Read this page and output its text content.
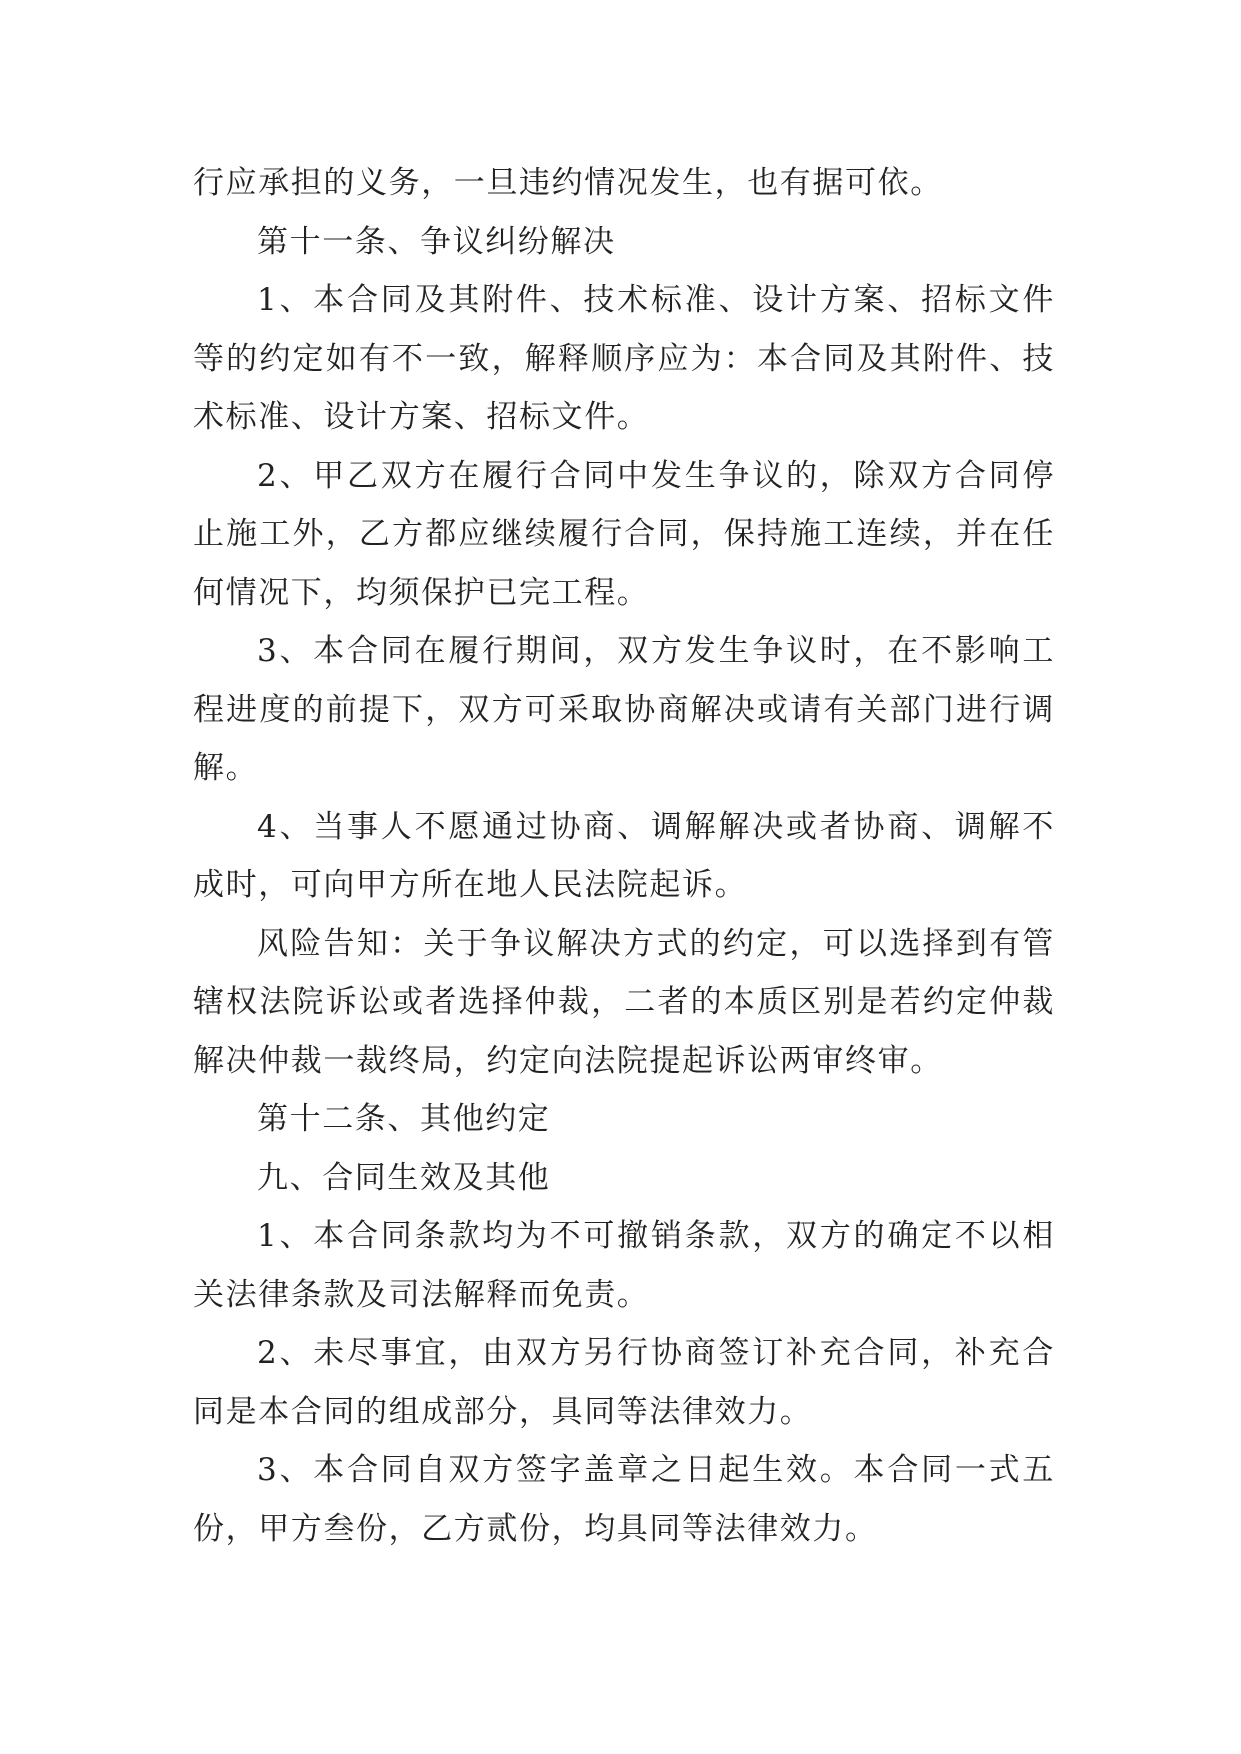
行应承担的义务，一旦违约情况发生，也有据可依。

第十一条、争议纠纷解决

1、本合同及其附件、技术标准、设计方案、招标文件等的约定如有不一致，解释顺序应为：本合同及其附件、技术标准、设计方案、招标文件。

2、甲乙双方在履行合同中发生争议的，除双方合同停止施工外，乙方都应继续履行合同，保持施工连续，并在任何情况下，均须保护已完工程。

3、本合同在履行期间，双方发生争议时，在不影响工程进度的前提下，双方可采取协商解决或请有关部门进行调解。

4、当事人不愿通过协商、调解解决或者协商、调解不成时，可向甲方所在地人民法院起诉。

风险告知：关于争议解决方式的约定，可以选择到有管辖权法院诉讼或者选择仲裁，二者的本质区别是若约定仲裁解决仲裁一裁终局，约定向法院提起诉讼两审终审。

第十二条、其他约定

九、合同生效及其他

1、本合同条款均为不可撤销条款，双方的确定不以相关法律条款及司法解释而免责。

2、未尽事宜，由双方另行协商签订补充合同，补充合同是本合同的组成部分，具同等法律效力。

3、本合同自双方签字盖章之日起生效。本合同一式五份，甲方叁份，乙方贰份，均具同等法律效力。
